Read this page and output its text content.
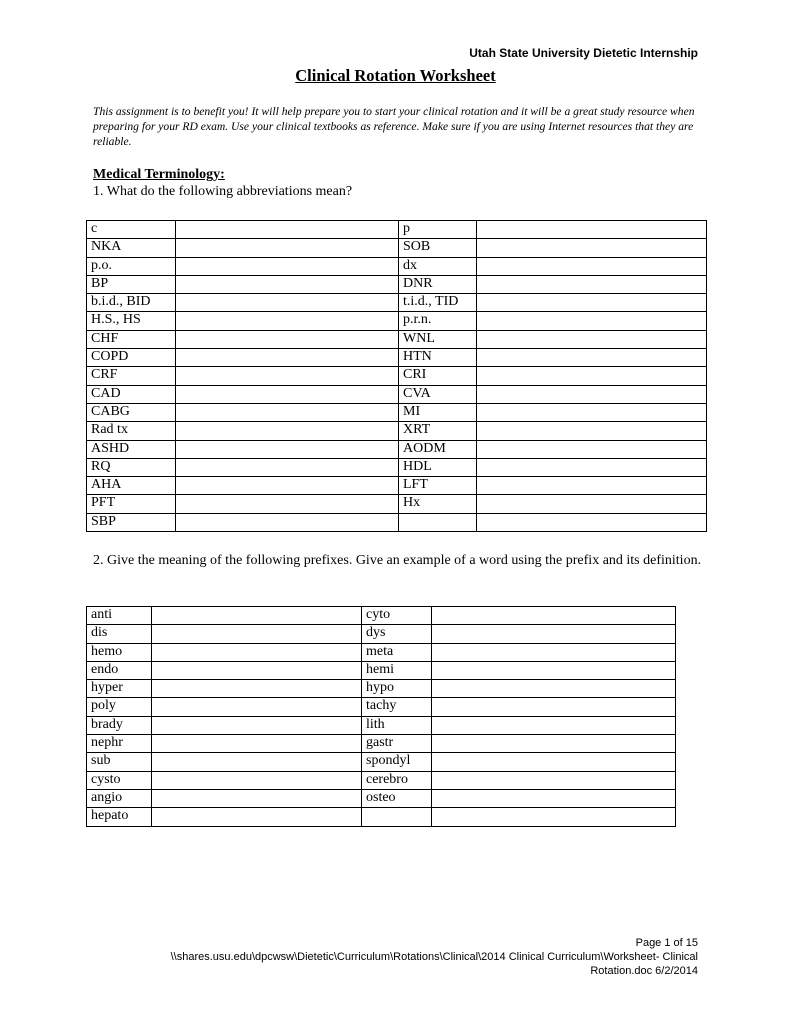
Utah State University Dietetic Internship
Clinical Rotation Worksheet
This assignment is to benefit you! It will help prepare you to start your clinical rotation and it will be a great study resource when preparing for your RD exam. Use your clinical textbooks as reference. Make sure if you are using Internet resources that they are reliable.
Medical Terminology:
1. What do the following abbreviations mean?
$\overline{c}$		$\overline{p}$	
NKA		SOB	
p.o.		dx	
BP		DNR	
b.i.d., BID		t.i.d., TID	
H.S., HS		p.r.n.	
CHF		WNL	
COPD		HTN	
CRF		CRI	
CAD		CVA	
CABG		MI	
Rad tx		XRT	
ASHD		AODM	
RQ		HDL	
AHA		LFT	
PFT		Hx	
SBP			
2. Give the meaning of the following prefixes. Give an example of a word using the prefix and its definition.
anti		cyto	
dis		dys	
hemo		meta	
endo		hemi	
hyper		hypo	
poly		tachy	
brady		lith	
nephr		gastr	
sub		spondyl	
cysto		cerebro	
angio		osteo	
hepato			
Page 1 of 15
\\shares.usu.edu\dpcwsw\Dietetic\Curriculum\Rotations\Clinical\2014 Clinical Curriculum\Worksheet- Clinical
Rotation.doc 6/2/2014
